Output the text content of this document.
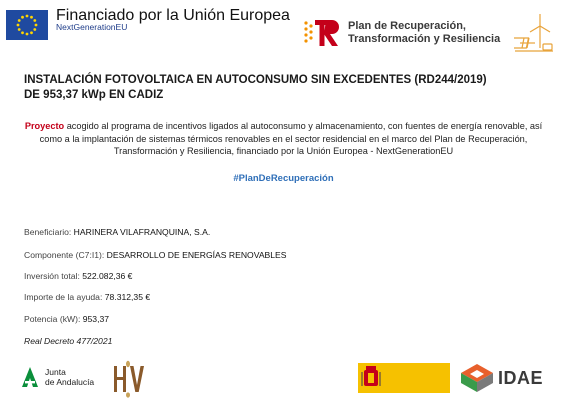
Financiado por la Unión Europea
NextGenerationEU	Plan de Recuperación,
Transformación y Resiliencia
INSTALACIÓN FOTOVOLTAICA EN AUTOCONSUMO SIN EXCEDENTES (RD244/2019)
DE 953,37 kWp EN CADIZ
Proyecto acogido al programa de incentivos ligados al autoconsumo y almacenamiento, con fuentes de energía renovable, así como a la implantación de sistemas térmicos renovables en el sector residencial en el marco del Plan de Recuperación, Transformación y Resiliencia, financiado por la Unión Europea - NextGenerationEU
#PlanDeRecuperación
Beneficiario: HARINERA VILAFRANQUINA, S.A.
Componente (C7:I1): DESARROLLO DE ENERGÍAS RENOVABLES
Inversión total: 522.082,36 €
Importe de la ayuda: 78.312,35 €
Potencia (kW): 953,37
Real Decreto 477/2021
Junta
de Andalucía

	IDAE
